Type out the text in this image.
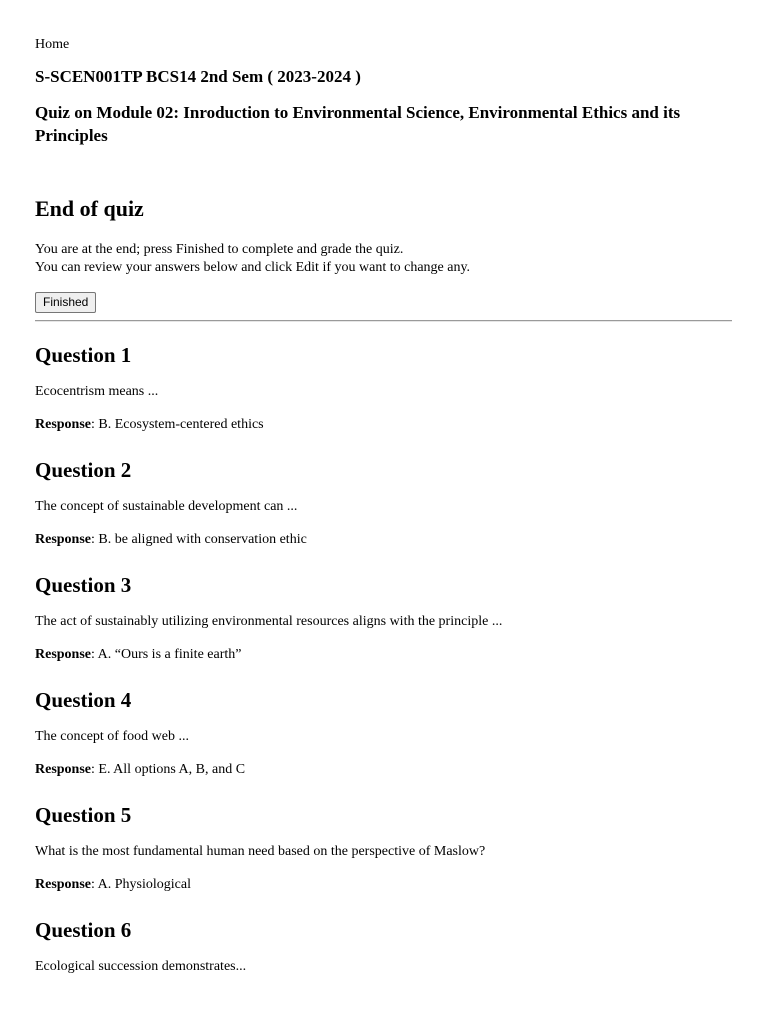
Home
S-SCEN001TP BCS14 2nd Sem ( 2023-2024 )
Quiz on Module 02: Inroduction to Environmental Science, Environmental Ethics and its Principles
End of quiz
You are at the end; press Finished to complete and grade the quiz.
You can review your answers below and click Edit if you want to change any.
Finished
Question 1
Ecocentrism means ...
Response: B. Ecosystem-centered ethics
Question 2
The concept of sustainable development can ...
Response: B. be aligned with conservation ethic
Question 3
The act of sustainably utilizing environmental resources aligns with the principle ...
Response: A. “Ours is a finite earth”
Question 4
The concept of food web ...
Response: E. All options A, B, and C
Question 5
What is the most fundamental human need based on the perspective of Maslow?
Response: A. Physiological
Question 6
Ecological succession demonstrates...
